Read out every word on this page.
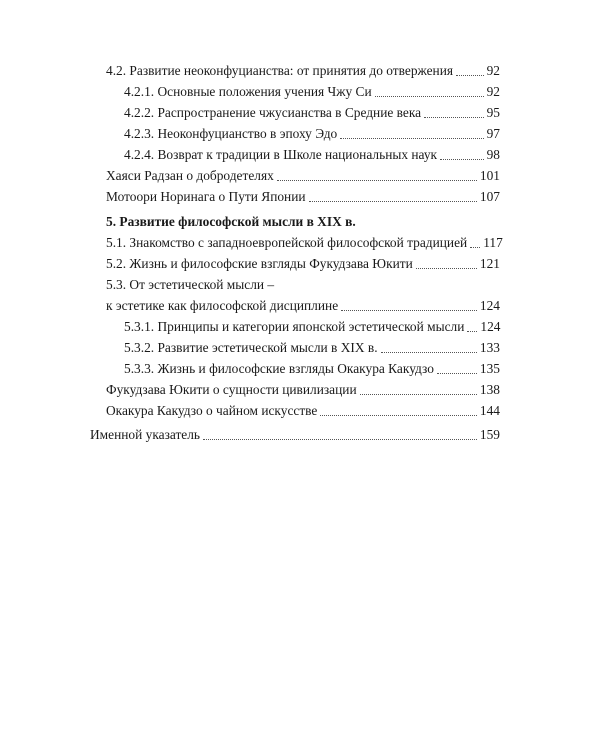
4.2. Развитие неоконфуцианства: от принятия до отвержения	92
4.2.1. Основные положения учения Чжу Си	92
4.2.2. Распространение чжусианства в Средние века	95
4.2.3. Неоконфуцианство в эпоху Эдо	97
4.2.4. Возврат к традиции в Школе национальных наук	98
Хаяси Радзан о добродетелях	101
Мотоори Норинага о Пути Японии	107
5. Развитие философской мысли в XIX в.
5.1. Знакомство с западноевропейской философской традицией 117
5.2. Жизнь и философские взгляды Фукудзава Юкити	121
5.3. От эстетической мысли –
к эстетике как философской дисциплине	124
5.3.1. Принципы и категории японской эстетической мысли 124
5.3.2. Развитие эстетической мысли в XIX в.	133
5.3.3. Жизнь и философские взгляды Окакура Какудзо	135
Фукудзава Юкити о сущности цивилизации	138
Окакура Какудзо о чайном искусстве	144
Именной указатель	159
